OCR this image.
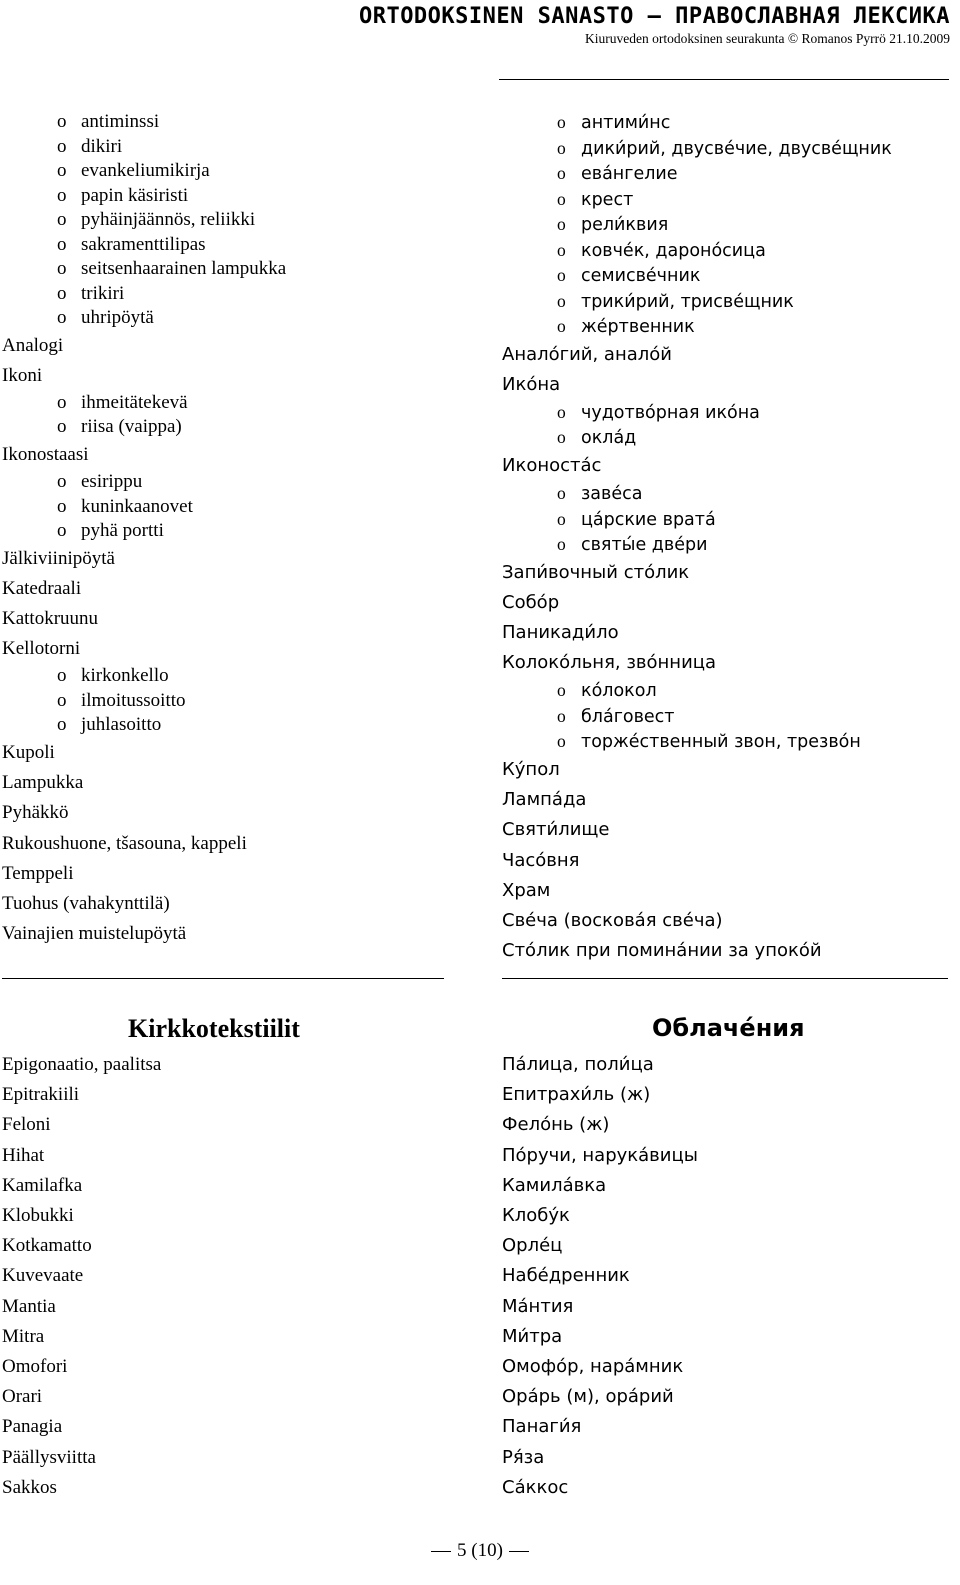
ORTODOKSINEN SANASTO — ПРАВОСЛАВНАЯ ЛЕКСИКА
Kiuruveden ortodoksinen seurakunta © Romanos Pyrrö 21.10.2009
o antiminssi
o dikiri
o evankeliumikirja
o papin käsiristi
o pyhäinjäännös, reliikki
o sakramenttilipas
o seitsenhaarainen lampukka
o trikiri
o uhripöytä
Analogi
Ikoni
o ihmeitätekevä
o riisa (vaippa)
Ikonostaasi
o esirippu
o kuninkaanovet
o pyhä portti
Jälkiviinipöytä
Katedraali
Kattokruunu
Kellotorni
o kirkonkello
o ilmoitussoitto
o juhlasoitto
Kupoli
Lampukka
Pyhäkkö
Rukoushuone, tšasouna, kappeli
Temppeli
Tuohus (vahakynttilä)
Vainajien muistelupöytä
o антими́нс
o дики́рий, двусве́чие, двусве́щник
o ева́нгелие
o крест
o рели́квия
o ковче́к, дароно́сица
o семисве́чник
o трики́рий, трисве́щник
o же́ртвенник
Анало́гий, анало́й
Ико́на
o чудотво́рная ико́на
o окла́д
Иконоста́с
o заве́са
o ца́рские врата́
o святы́е две́ри
Запи́вочный сто́лик
Собо́р
Паникади́ло
Колоко́льня, зво́нница
o ко́локол
o бла́говест
o торже́ственный звон, трезво́н
Ку́пол
Лампа́да
Святи́лище
Часо́вня
Храм
Све́ча (воскова́я све́ча)
Сто́лик при помина́нии за упоко́й
Kirkkotekstiilit	Облаче́ния
Epigonaatio, paalitsa
Epitrakiili
Feloni
Hihat
Kamilafka
Klobukki
Kotkamatto
Kuvevaate
Mantia
Mitra
Omofori
Orari
Panagia
Päällysviitta
Sakkos
Па́лица, поли́ца
Епитрахи́ль (ж)
Фело́нь (ж)
По́ручи, нарука́вицы
Камила́вка
Клобу́к
Орле́ц
Набе́дренник
Ма́нтия
Ми́тра
Омофо́р, нара́мник
Ора́рь (м), ора́рий
Панаги́я
Ря́за
Са́ккос
5 (10)
